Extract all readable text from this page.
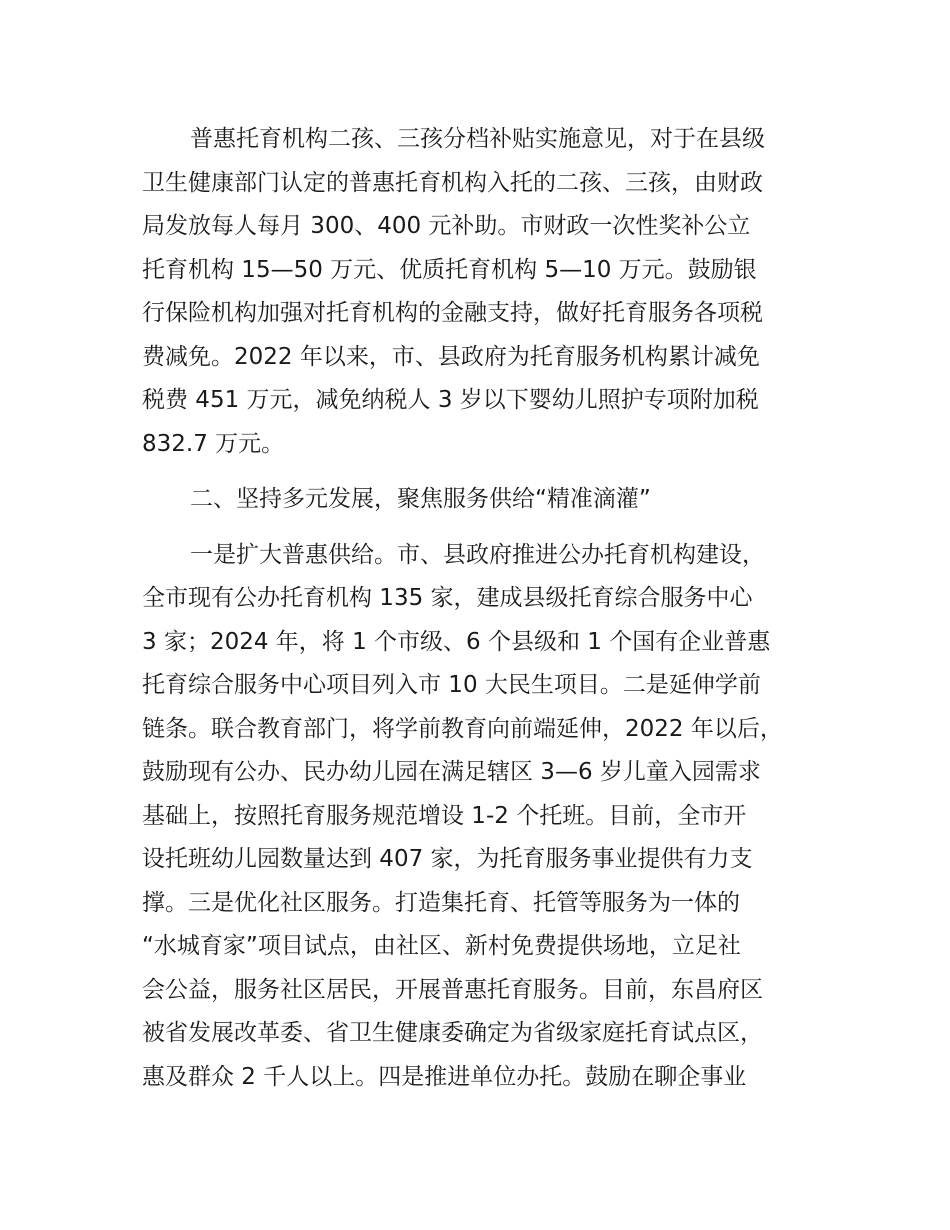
普惠托育机构二孩、三孩分档补贴实施意见，对于在县级
卫生健康部门认定的普惠托育机构入托的二孩、三孩，由财政
局发放每人每月 300、400 元补助。市财政一次性奖补公立
托育机构 15—50 万元、优质托育机构 5—10 万元。鼓励银
行保险机构加强对托育机构的金融支持，做好托育服务各项税
费减免。2022 年以来，市、县政府为托育服务机构累计减免
税费 451 万元，减免纳税人 3 岁以下婴幼儿照护专项附加税
832.7 万元。
二、坚持多元发展，聚焦服务供给“精准滴灌”
一是扩大普惠供给。市、县政府推进公办托育机构建设，
全市现有公办托育机构 135 家，建成县级托育综合服务中心
3 家；2024 年，将 1 个市级、6 个县级和 1 个国有企业普惠
托育综合服务中心项目列入市 10 大民生项目。二是延伸学前
链条。联合教育部门，将学前教育向前端延伸，2022 年以后，
鼓励现有公办、民办幼儿园在满足辖区 3—6 岁儿童入园需求
基础上，按照托育服务规范增设 1-2 个托班。目前，全市开
设托班幼儿园数量达到 407 家，为托育服务事业提供有力支
撑。三是优化社区服务。打造集托育、托管等服务为一体的
“水城育家”项目试点，由社区、新村免费提供场地，立足社
会公益，服务社区居民，开展普惠托育服务。目前，东昌府区
被省发展改革委、省卫生健康委确定为省级家庭托育试点区，
惠及群众 2 千人以上。四是推进单位办托。鼓励在聊企事业
